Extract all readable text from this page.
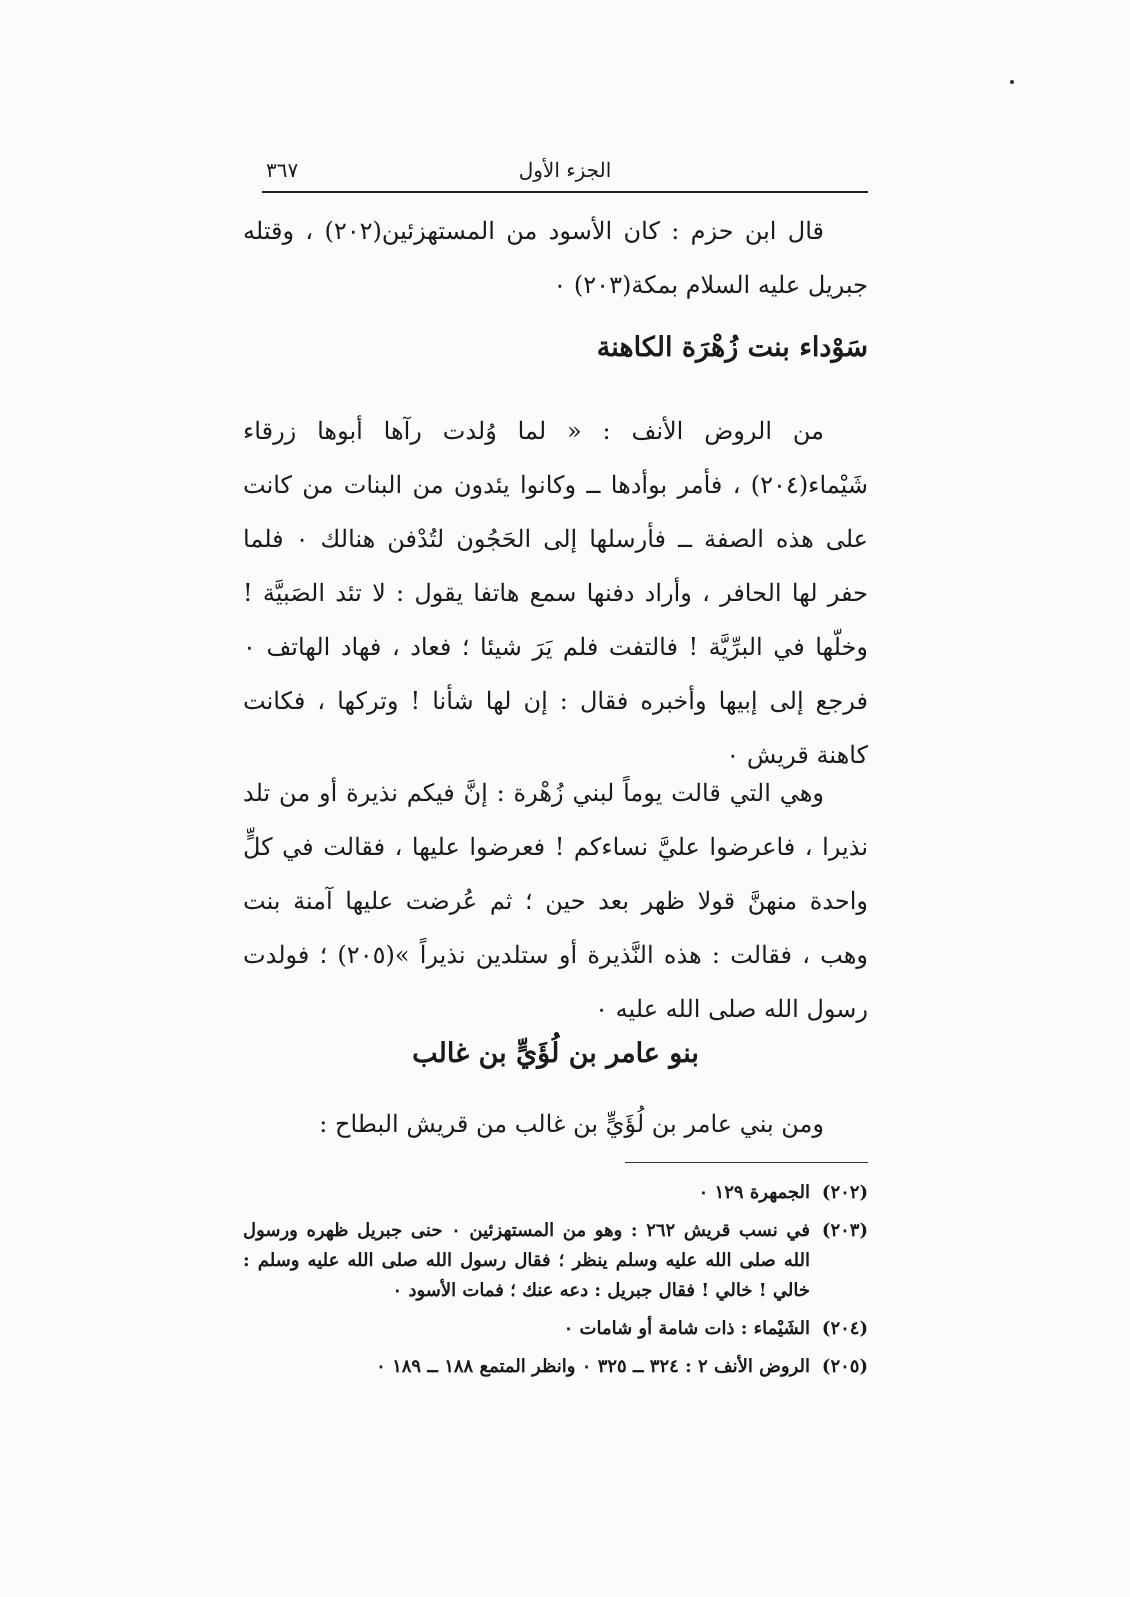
الجزء الأول
٣٦٧
قال ابن حزم : كان الأسود من المستهزئين(٢٠٢) ، وقتله جبريل عليه السلام بمكة(٢٠٣) ٠
سَوْداء بنت زُهْرَة الكاهنة
من الروض الأنف : « لما وُلدت رآها أبوها زرقاء شَيْماء(٢٠٤) ، فأمر بوأدها ــ وكانوا يئدون من البنات من كانت على هذه الصفة ــ فأرسلها إلى الحَجُون لتُدْفن هنالك ٠ فلما حفر لها الحافر ، وأراد دفنها سمع هاتفا يقول : لا تئد الصَبيَّة ! وخلّها في البرِّيَّة ! فالتفت فلم يَرَ شيئا ؛ فعاد ، فهاد الهاتف ٠ فرجع إلى إبيها وأخبره فقال : إن لها شأنا ! وتركها ، فكانت كاهنة قريش ٠
وهي التي قالت يوماً لبني زُهْرة : إنَّ فيكم نذيرة أو من تلد نذيرا ، فاعرضوا عليَّ نساءكم ! فعرضوا عليها ، فقالت في كلٍّ واحدة منهنَّ قولا ظهر بعد حين ؛ ثم عُرضت عليها آمنة بنت وهب ، فقالت : هذه النَّذيرة أو ستلدين نذيراً »(٢٠٥) ؛ فولدت رسول الله صلى الله عليه ٠
بنو عامر بن لُؤَيٍّ بن غالب
ومن بني عامر بن لُؤَيٍّ بن غالب من قريش البطاح :
(٢٠٢)
الجمهرة ١٢٩ ٠
(٢٠٣)
في نسب قريش ٢٦٢ : وهو من المستهزئين ٠ حنى جبريل ظهره ورسول الله صلى الله عليه وسلم ينظر ؛ فقال رسول الله صلى الله عليه وسلم : خالي ! خالي ! فقال جبريل : دعه عنك ؛ فمات الأسود ٠
(٢٠٤)
الشَيْماء : ذات شامة أو شامات ٠
(٢٠٥)
الروض الأنف ٢ : ٣٢٤ ــ ٣٢٥ ٠ وانظر المتمع ١٨٨ ــ ١٨٩ ٠
